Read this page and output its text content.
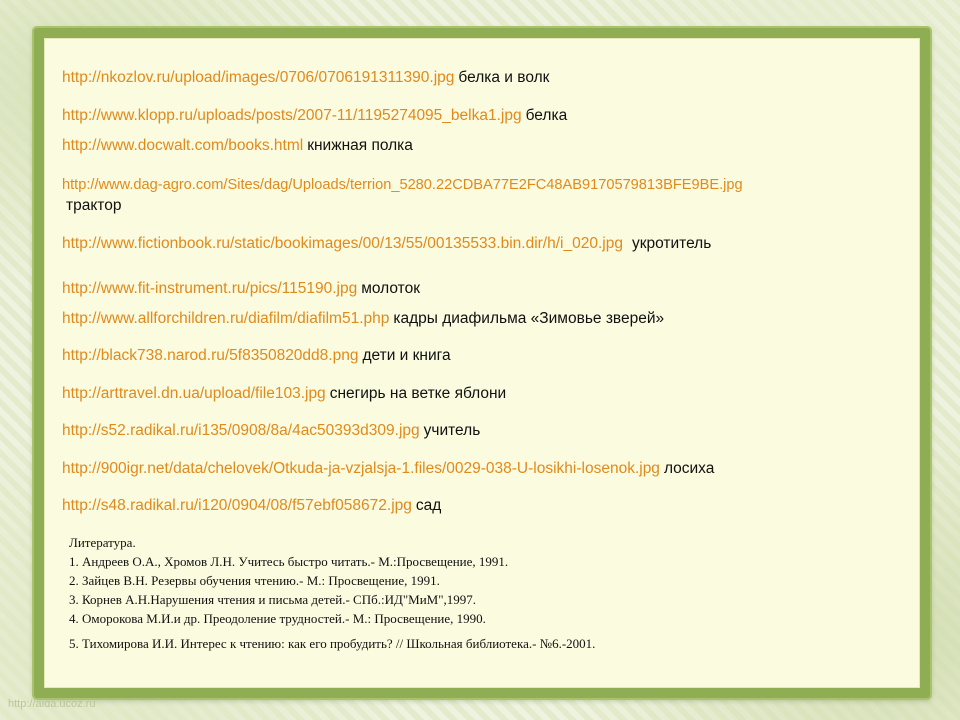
http://nkozlov.ru/upload/images/0706/0706191311390.jpg белка и волк
http://www.klopp.ru/uploads/posts/2007-11/1195274095_belka1.jpg белка
http://www.docwalt.com/books.html книжная полка
http://www.dag-agro.com/Sites/dag/Uploads/terrion_5280.22CDBA77E2FC48AB9170579813BFE9BE.jpg
трактор
http://www.fictionbook.ru/static/bookimages/00/13/55/00135533.bin.dir/h/i_020.jpg укротитель
http://www.fit-instrument.ru/pics/115190.jpg молоток
http://www.allforchildren.ru/diafilm/diafilm51.php кадры диафильма «Зимовье зверей»
http://black738.narod.ru/5f8350820dd8.png дети и книга
http://arttravel.dn.ua/upload/file103.jpg снегирь на ветке яблони
http://s52.radikal.ru/i135/0908/8a/4ac50393d309.jpg учитель
http://900igr.net/data/chelovek/Otkuda-ja-vzjalsja-1.files/0029-038-U-losikhi-losenok.jpg лосиха
http://s48.radikal.ru/i120/0904/08/f57ebf058672.jpg сад
Литература.
1. Андреев О.А., Хромов Л.Н. Учитесь быстро читать.- М.:Просвещение, 1991.
2. Зайцев В.Н. Резервы обучения чтению.- М.: Просвещение, 1991.
3. Корнев А.Н.Нарушения чтения и письма детей.- СПб.:ИД"МиМ",1997.
4. Оморокова М.И.и др. Преодоление трудностей.- М.: Просвещение, 1990.
5. Тихомирова И.И. Интерес к чтению: как его пробудить? // Школьная библиотека.- №6.-2001.
http://aida.ucoz.ru
